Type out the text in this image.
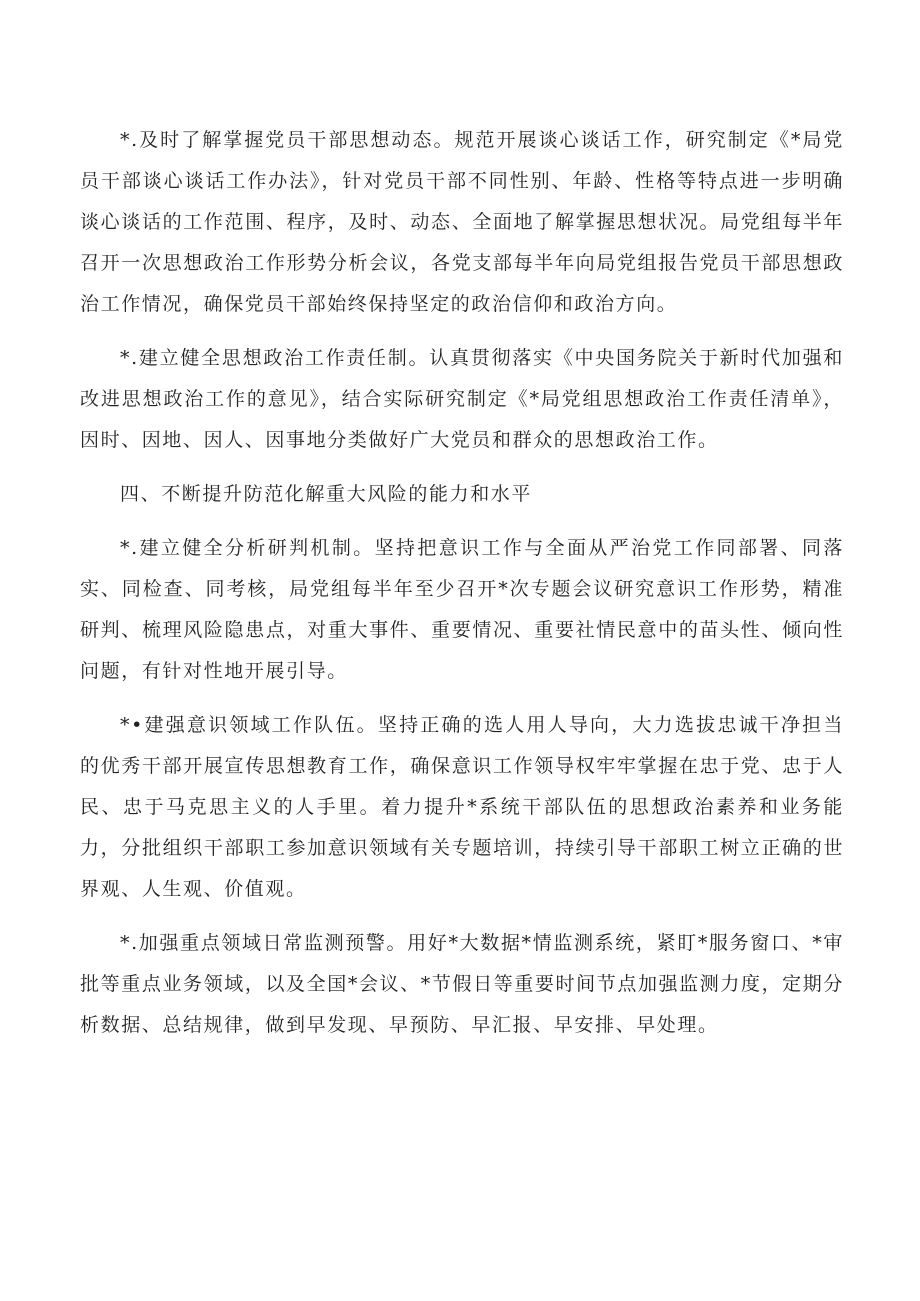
*.及时了解掌握党员干部思想动态。规范开展谈心谈话工作，研究制定《*局党员干部谈心谈话工作办法》，针对党员干部不同性别、年龄、性格等特点进一步明确谈心谈话的工作范围、程序，及时、动态、全面地了解掌握思想状况。局党组每半年召开一次思想政治工作形势分析会议，各党支部每半年向局党组报告党员干部思想政治工作情况，确保党员干部始终保持坚定的政治信仰和政治方向。

*.建立健全思想政治工作责任制。认真贯彻落实《中央国务院关于新时代加强和改进思想政治工作的意见》，结合实际研究制定《*局党组思想政治工作责任清单》，因时、因地、因人、因事地分类做好广大党员和群众的思想政治工作。

四、不断提升防范化解重大风险的能力和水平

*.建立健全分析研判机制。坚持把意识工作与全面从严治党工作同部署、同落实、同检查、同考核，局党组每半年至少召开*次专题会议研究意识工作形势，精准研判、梳理风险隐患点，对重大事件、重要情况、重要社情民意中的苗头性、倾向性问题，有针对性地开展引导。

*•建强意识领域工作队伍。坚持正确的选人用人导向，大力选拔忠诚干净担当的优秀干部开展宣传思想教育工作，确保意识工作领导权牢牢掌握在忠于党、忠于人民、忠于马克思主义的人手里。着力提升*系统干部队伍的思想政治素养和业务能力，分批组织干部职工参加意识领域有关专题培训，持续引导干部职工树立正确的世界观、人生观、价值观。

*.加强重点领域日常监测预警。用好*大数据*情监测系统，紧盯*服务窗口、*审批等重点业务领域，以及全国*会议、*节假日等重要时间节点加强监测力度，定期分析数据、总结规律，做到早发现、早预防、早汇报、早安排、早处理。
